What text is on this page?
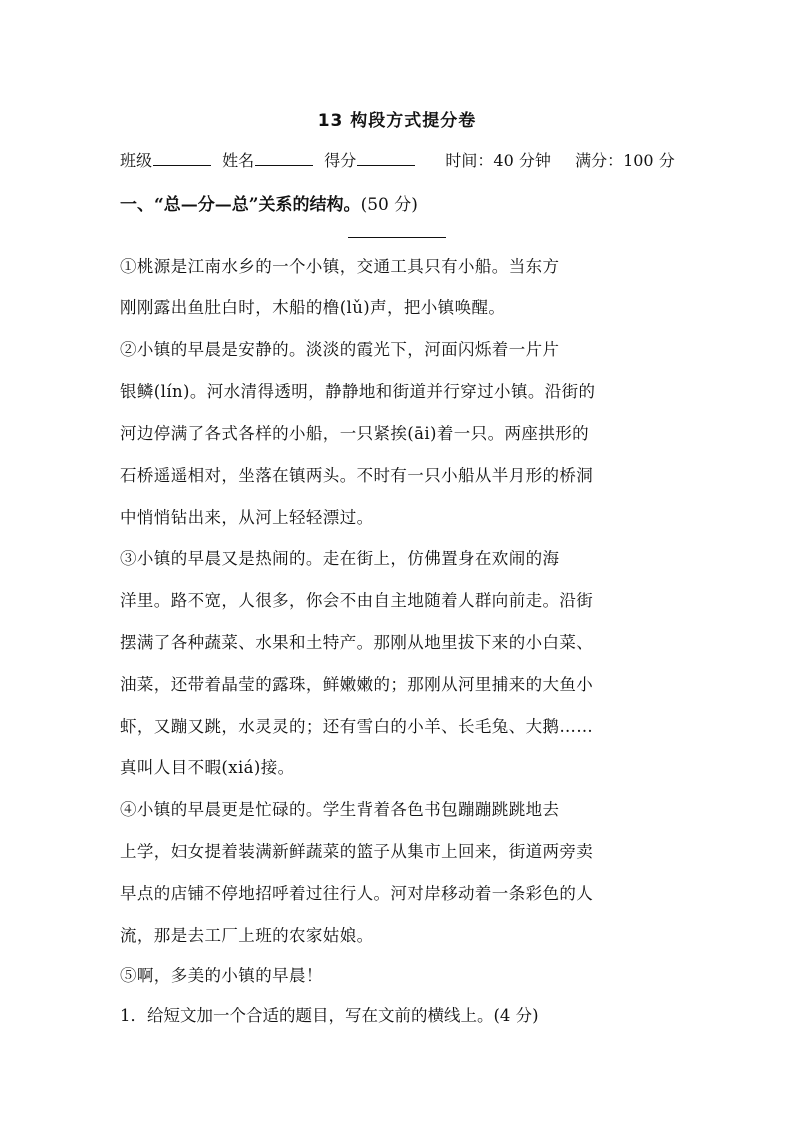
13 构段方式提分卷
班级	姓名	得分	时间：40 分钟 满分：100 分
一、“总—分—总”关系的结构。(50 分)
①桃源是江南水乡的一个小镇，交通工具只有小船。当东方
刚刚露出鱼肚白时，木船的橹(lǔ)声，把小镇唤醒。
②小镇的早晨是安静的。淡淡的霞光下，河面闪烁着一片片
银鳞(lín)。河水清得透明，静静地和街道并行穿过小镇。沿街的
河边停满了各式各样的小船，一只紧挨(āi)着一只。两座拱形的
石桥遥遥相对，坐落在镇两头。不时有一只小船从半月形的桥洞
中悄悄钻出来，从河上轻轻漂过。
③小镇的早晨又是热闹的。走在街上，仿佛置身在欢闹的海
洋里。路不宽，人很多，你会不由自主地随着人群向前走。沿街
摆满了各种蔬菜、水果和土特产。那刚从地里拔下来的小白菜、
油菜，还带着晶莹的露珠，鲜嫩嫩的；那刚从河里捕来的大鱼小
虾，又蹦又跳，水灵灵的；还有雪白的小羊、长毛兔、大鹅……
真叫人目不暇(xiá)接。
④小镇的早晨更是忙碌的。学生背着各色书包蹦蹦跳跳地去
上学，妇女提着装满新鲜蔬菜的篮子从集市上回来，街道两旁卖
早点的店铺不停地招呼着过往行人。河对岸移动着一条彩色的人
流，那是去工厂上班的农家姑娘。
⑤啊，多美的小镇的早晨！
1．给短文加一个合适的题目，写在文前的横线上。(4 分)
